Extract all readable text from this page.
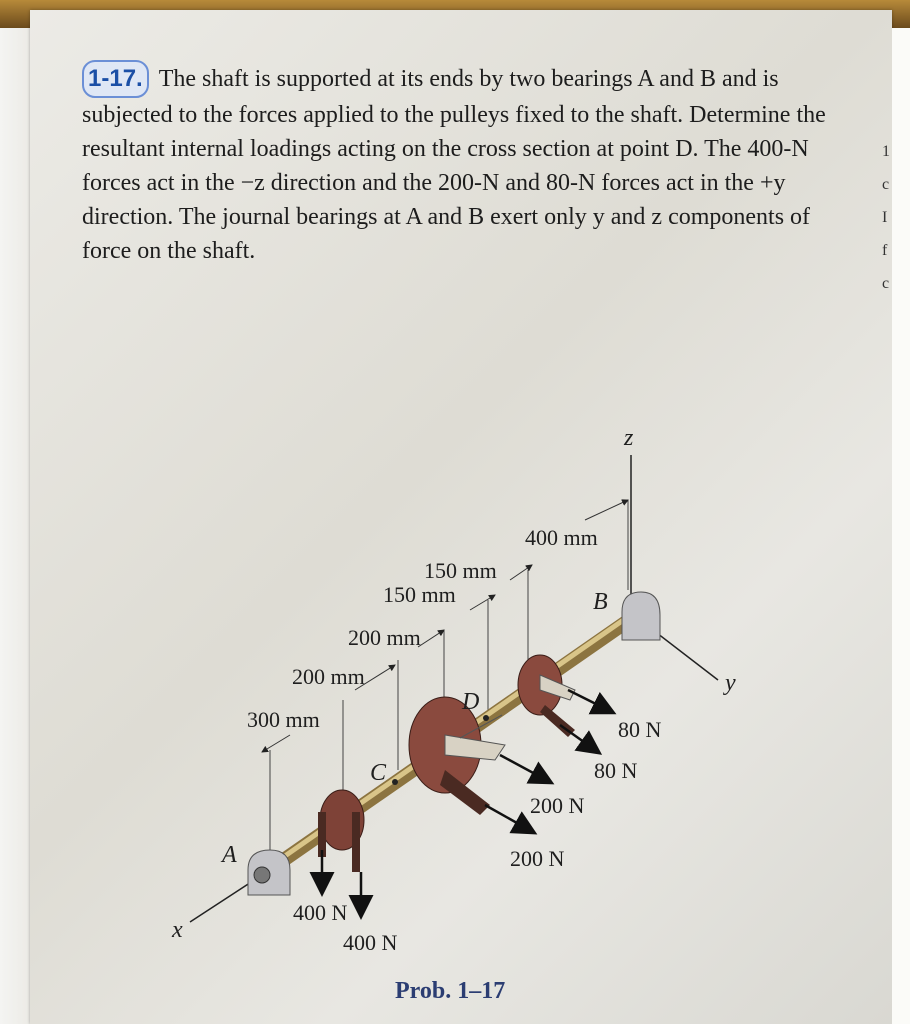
1
c
I
f
c
1-17. The shaft is supported at its ends by two bearings A and B and is subjected to the forces applied to the pulleys fixed to the shaft. Determine the resultant internal loadings acting on the cross section at point D. The 400-N forces act in the −z direction and the 200-N and 80-N forces act in the +y direction. The journal bearings at A and B exert only y and z components of force on the shaft.
z
y
x
A
B
C
D
400 mm
150 mm
150 mm
200 mm
200 mm
300 mm	80 N
80 N
200 N
200 N
400 N
400 N
Prob. 1–17
